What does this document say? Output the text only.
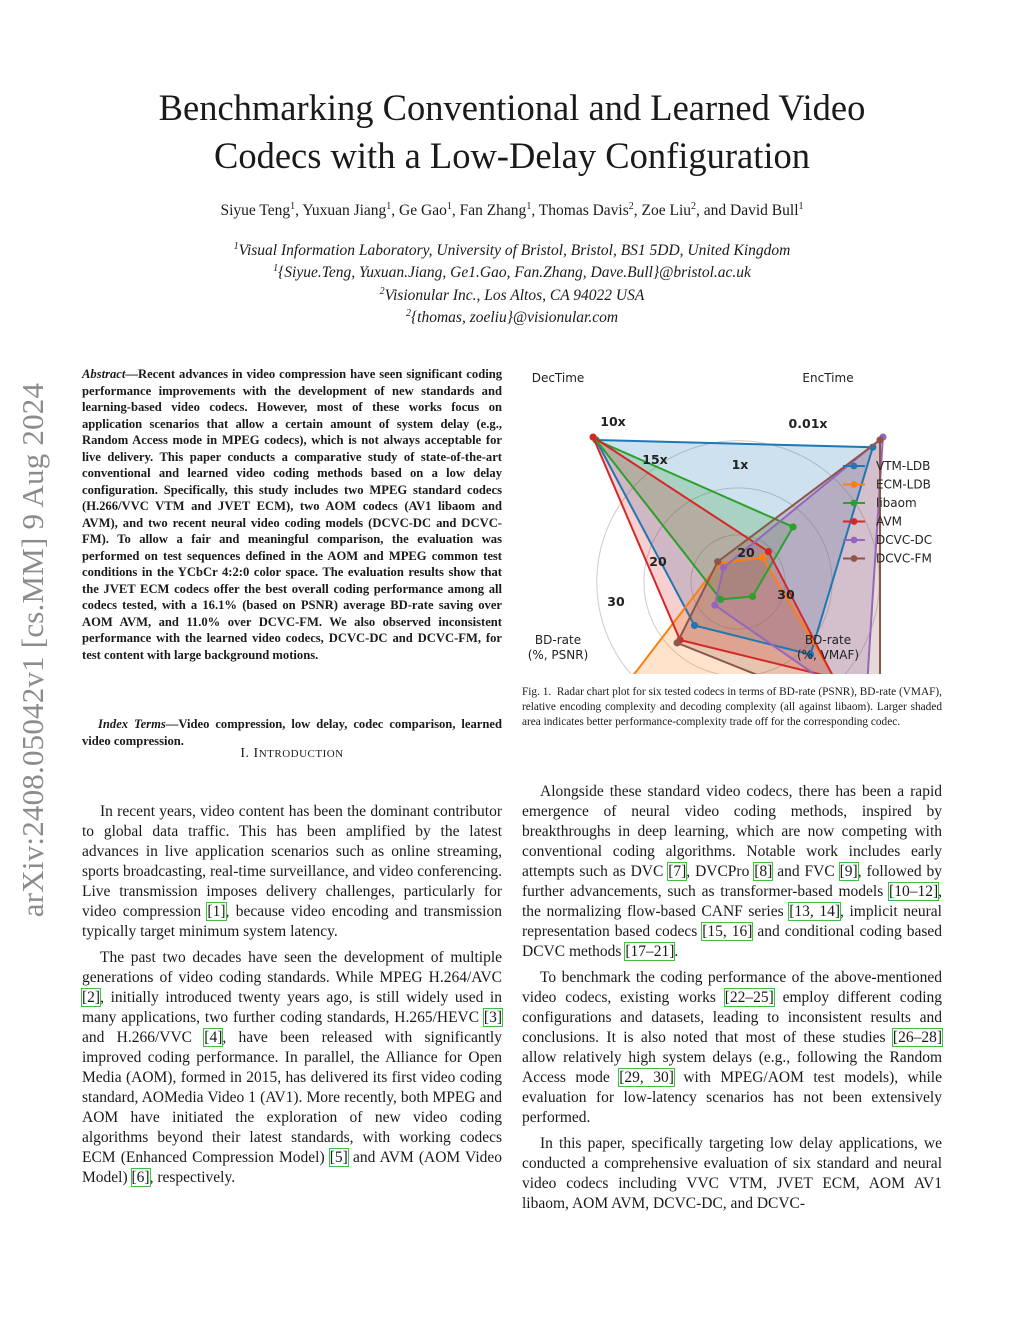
arXiv:2408.05042v1 [cs.MM] 9 Aug 2024
Benchmarking Conventional and Learned Video
Codecs with a Low-Delay Configuration
Siyue Teng$^1$, Yuxuan Jiang$^1$, Ge Gao$^1$, Fan Zhang$^1$, Thomas Davis$^2$, Zoe Liu$^2$, and David Bull$^1$
$^1$Visual Information Laboratory, University of Bristol, Bristol, BS1 5DD, United Kingdom
$^1${Siyue.Teng, Yuxuan.Jiang, Ge1.Gao, Fan.Zhang, Dave.Bull}@bristol.ac.uk
$^2$Visionular Inc., Los Altos, CA 94022 USA
$^2${thomas, zoeliu}@visionular.com
Abstract—Recent advances in video compression have seen significant coding performance improvements with the development of new standards and learning-based video codecs. However, most of these works focus on application scenarios that allow a certain amount of system delay (e.g., Random Access mode in MPEG codecs), which is not always acceptable for live delivery. This paper conducts a comparative study of state-of-the-art conventional and learned video coding methods based on a low delay configuration. Specifically, this study includes two MPEG standard codecs (H.266/VVC VTM and JVET ECM), two AOM codecs (AV1 libaom and AVM), and two recent neural video coding models (DCVC-DC and DCVC-FM). To allow a fair and meaningful comparison, the evaluation was performed on test sequences defined in the AOM and MPEG common test conditions in the YCbCr 4:2:0 color space. The evaluation results show that the JVET ECM codecs offer the best overall coding performance among all codecs tested, with a 16.1% (based on PSNR) average BD-rate saving over AOM AVM, and 11.0% over DCVC-FM. We also observed inconsistent performance with the learned video codecs, DCVC-DC and DCVC-FM, for test content with large background motions.
Index Terms—Video compression, low delay, codec comparison, learned video compression.
I. INTRODUCTION

In recent years, video content has been the dominant contributor to global data traffic. This has been amplified by the latest advances in live application scenarios such as online streaming, sports broadcasting, real-time surveillance, and video conferencing. Live transmission imposes delivery challenges, particularly for video compression [1], because video encoding and transmission typically target minimum system latency.

The past two decades have seen the development of multiple generations of video coding standards. While MPEG H.264/AVC [2], initially introduced twenty years ago, is still widely used in many applications, two further coding standards, H.265/HEVC [3] and H.266/VVC [4], have been released with significantly improved coding performance. In parallel, the Alliance for Open Media (AOM), formed in 2015, has delivered its first video coding standard, AOMedia Video 1 (AV1). More recently, both MPEG and AOM have initiated the exploration of new video coding algorithms beyond their latest standards, with working codecs ECM (Enhanced Compression Model) [5] and AVM (AOM Video Model) [6], respectively.

Alongside these standard video codecs, there has been a rapid emergence of neural video coding methods, inspired by breakthroughs in deep learning, which are now competing with conventional coding algorithms. Notable work includes early attempts such as DVC [7], DVCPro [8] and FVC [9], followed by further advancements, such as transformer-based models [10–12], the normalizing flow-based CANF series [13, 14], implicit neural representation based codecs [15, 16] and conditional coding based DCVC methods [17–21].

To benchmark the coding performance of the above-mentioned video codecs, existing works [22–25] employ different coding configurations and datasets, leading to inconsistent results and conclusions. It is also noted that most of these studies [26–28] allow relatively high system delays (e.g., following the Random Access mode [29, 30] with MPEG/AOM test models), while evaluation for low-latency scenarios has not been extensively performed.

In this paper, specifically targeting low delay applications, we conducted a comprehensive evaluation of six standard and neural video codecs including VVC VTM, JVET ECM, AOM AV1 libaom, AOM AVM, DCVC-DC, and DCVC-

10x
15x
0.01x
1x
20
30
20
30
DecTime	EncTime
BD-rate
(%, VMAF)
BD-rate
(%, PSNR)
VTM-LDB
ECM-LDB
libaom
AVM
DCVC-DC
DCVC-FM
Fig. 1. Radar chart plot for six tested codecs in terms of BD-rate (PSNR), BD-rate (VMAF), relative encoding complexity and decoding complexity (all against libaom). Larger shaded area indicates better performance-complexity trade off for the corresponding codec.
